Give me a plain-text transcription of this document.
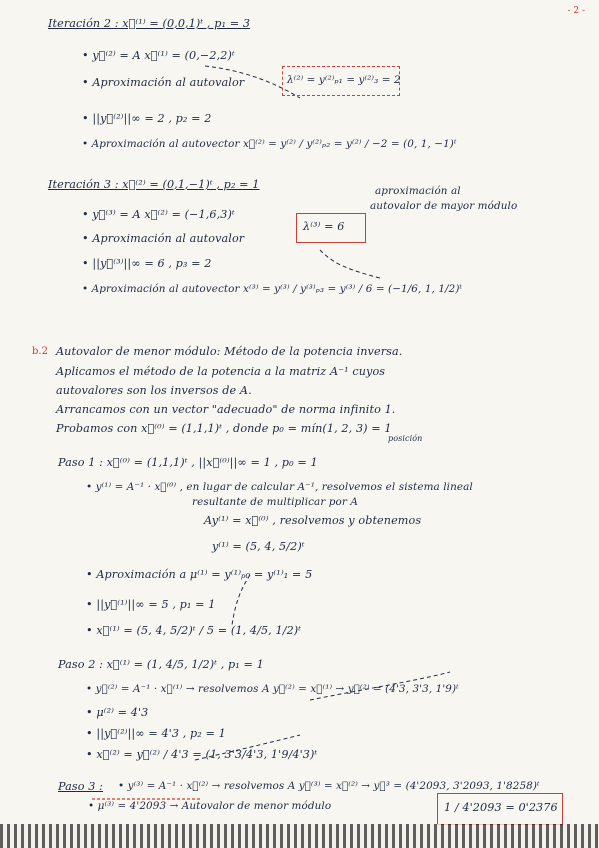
- 2 -
Iteración 2 : x⃗⁽¹⁾ = (0,0,1)ᵗ , p₁ = 3
• y⃗⁽²⁾ = A x⃗⁽¹⁾ = (0,−2,2)ᵗ
• Aproximación al autovalor	λ⁽²⁾ = y⁽²⁾ₚ₁ = y⁽²⁾₃ = 2
• ||y⃗⁽²⁾||∞ = 2 , p₂ = 2
• Aproximación al autovector x⃗⁽²⁾ = y⁽²⁾ / y⁽²⁾ₚ₂ = y⁽²⁾ / −2 = (0, 1, −1)ᵗ
Iteración 3 : x⃗⁽²⁾ = (0,1,−1)ᵗ , p₂ = 1
• y⃗⁽³⁾ = A x⃗⁽²⁾ = (−1,6,3)ᵗ
aproximación al
autovalor de mayor módulo
• Aproximación al autovalor
λ⁽³⁾ = 6
• ||y⃗⁽³⁾||∞ = 6 , p₃ = 2
• Aproximación al autovector x⁽³⁾ = y⁽³⁾ / y⁽³⁾ₚ₃ = y⁽³⁾ / 6 = (−1/6, 1, 1/2)ᵗ
b.2 Autovalor de menor módulo: Método de la potencia inversa.
Aplicamos el método de la potencia a la matriz A⁻¹ cuyos
autovalores son los inversos de A.
Arrancamos con un vector "adecuado" de norma infinito 1.
Probamos con x⃗⁽⁰⁾ = (1,1,1)ᵗ , donde p₀ = mín(1, 2, 3) = 1
posición
Paso 1 : x⃗⁽⁰⁾ = (1,1,1)ᵗ , ||x⃗⁽⁰⁾||∞ = 1 , p₀ = 1
• y⁽¹⁾ = A⁻¹ · x⃗⁽⁰⁾ , en lugar de calcular A⁻¹, resolvemos el sistema lineal
resultante de multiplicar por A
Ay⁽¹⁾ = x⃗⁽⁰⁾ , resolvemos y obtenemos
y⁽¹⁾ = (5, 4, 5/2)ᵗ
• Aproximación a μ⁽¹⁾ = y⁽¹⁾ₚ₀ = y⁽¹⁾₁ = 5
• ||y⃗⁽¹⁾||∞ = 5 , p₁ = 1
• x⃗⁽¹⁾ = (5, 4, 5/2)ᵗ / 5 = (1, 4/5, 1/2)ᵗ
Paso 2 : x⃗⁽¹⁾ = (1, 4/5, 1/2)ᵗ , p₁ = 1
• y⃗⁽²⁾ = A⁻¹ · x⃗⁽¹⁾ → resolvemos A y⃗⁽²⁾ = x⃗⁽¹⁾ → y⃗⁽²⁾ = (4'3, 3'3, 1'9)ᵗ
• μ⁽²⁾ = 4'3
• ||y⃗⁽²⁾||∞ = 4'3 , p₂ = 1
• x⃗⁽²⁾ = y⃗⁽²⁾ / 4'3 = (1, 3'3/4'3, 1'9/4'3)ᵗ
Paso 3 : • y⁽³⁾ = A⁻¹ · x⃗⁽²⁾ → resolvemos A y⃗⁽³⁾ = x⃗⁽²⁾ → y⃗³ = (4'2093, 3'2093, 1'8258)ᵗ
• μ⁽³⁾ = 4'2093 → Autovalor de menor módulo	1 / 4'2093 = 0'2376
